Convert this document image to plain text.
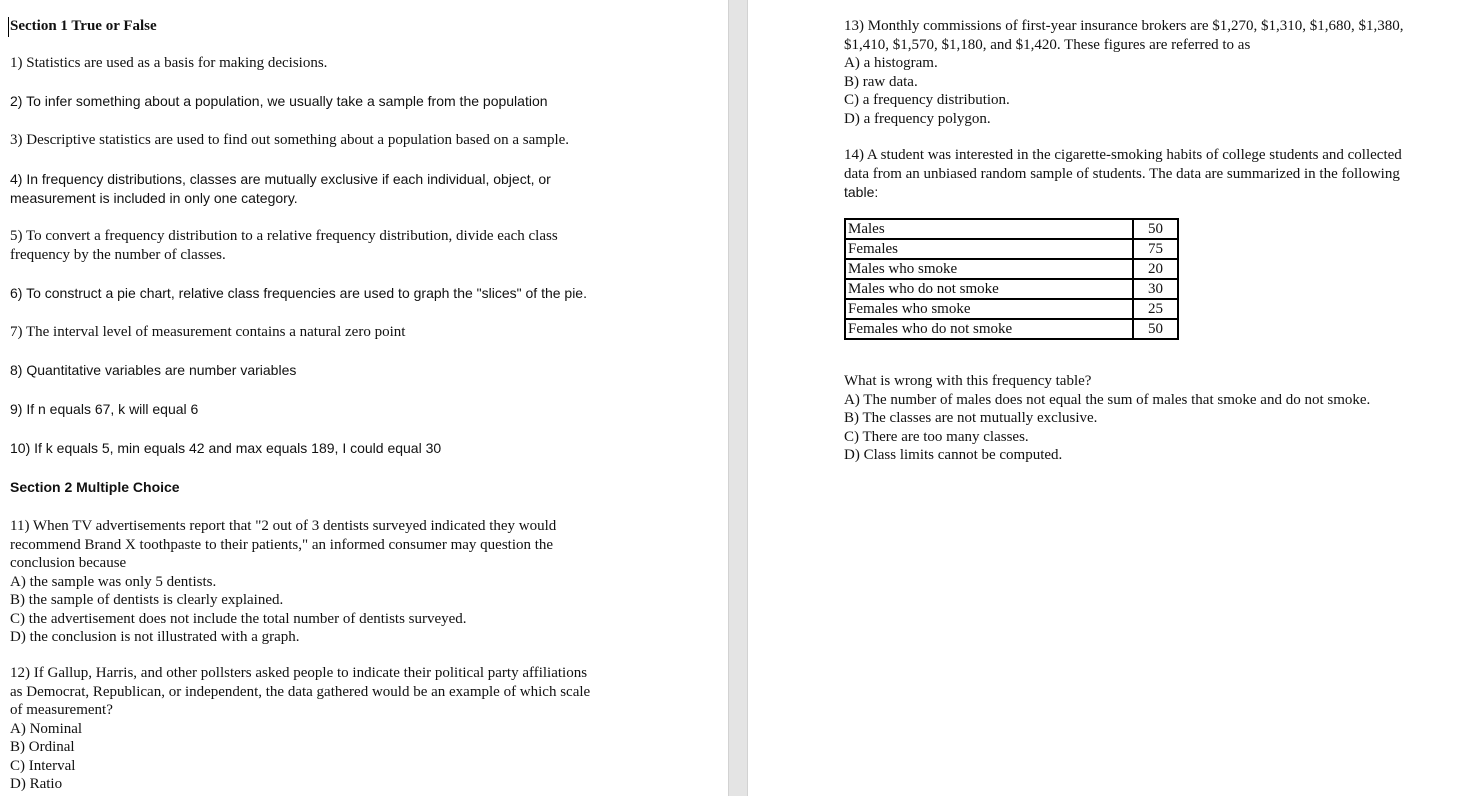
Section 1 True or False
1) Statistics are used as a basis for making decisions.
2) To infer something about a population, we usually take a sample from the population
3) Descriptive statistics are used to find out something about a population based on a sample.
4) In frequency distributions, classes are mutually exclusive if each individual, object, or
measurement is included in only one category.
5) To convert a frequency distribution to a relative frequency distribution, divide each class
frequency by the number of classes.
6) To construct a pie chart, relative class frequencies are used to graph the "slices" of the pie.
7) The interval level of measurement contains a natural zero point
8) Quantitative variables are number variables
9) If n equals 67, k will equal 6
10) If k equals 5, min equals 42 and max equals 189, I could equal 30
Section 2 Multiple Choice
11) When TV advertisements report that "2 out of 3 dentists surveyed indicated they would
recommend Brand X toothpaste to their patients," an informed consumer may question the
conclusion because
A) the sample was only 5 dentists.
B) the sample of dentists is clearly explained.
C) the advertisement does not include the total number of dentists surveyed.
D) the conclusion is not illustrated with a graph.
12) If Gallup, Harris, and other pollsters asked people to indicate their political party affiliations
as Democrat, Republican, or independent, the data gathered would be an example of which scale
of measurement?
A) Nominal
B) Ordinal
C) Interval
D) Ratio
13) Monthly commissions of first-year insurance brokers are $1,270, $1,310, $1,680, $1,380,
$1,410, $1,570, $1,180, and $1,420. These figures are referred to as
A) a histogram.
B) raw data.
C) a frequency distribution.
D) a frequency polygon.
14) A student was interested in the cigarette-smoking habits of college students and collected
data from an unbiased random sample of students. The data are summarized in the following
table:
Males	50
Females	75
Males who smoke	20
Males who do not smoke	30
Females who smoke	25
Females who do not smoke	50
What is wrong with this frequency table?
A) The number of males does not equal the sum of males that smoke and do not smoke.
B) The classes are not mutually exclusive.
C) There are too many classes.
D) Class limits cannot be computed.
